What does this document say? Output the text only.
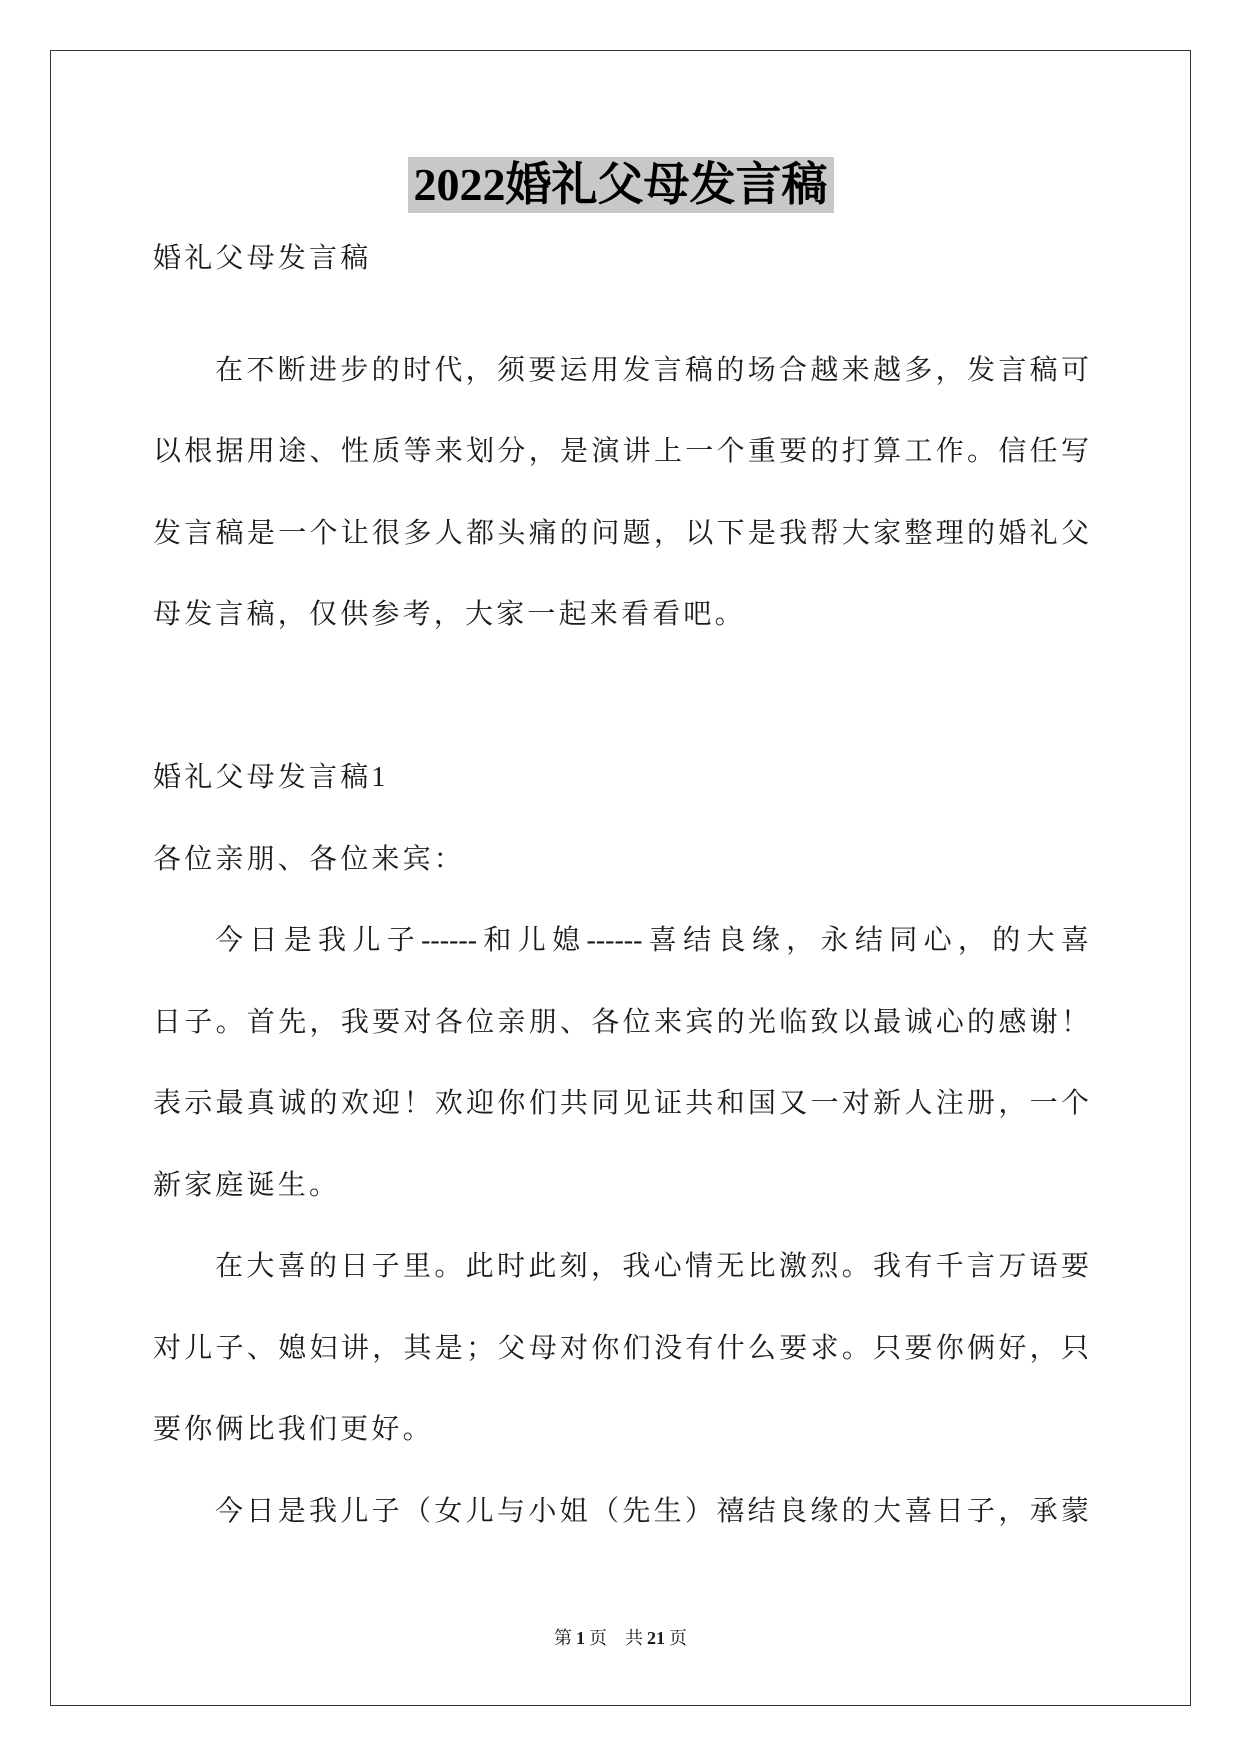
2022婚礼父母发言稿
婚礼父母发言稿
在不断进步的时代，须要运用发言稿的场合越来越多，发言稿可
以根据用途、性质等来划分，是演讲上一个重要的打算工作。信任写
发言稿是一个让很多人都头痛的问题，以下是我帮大家整理的婚礼父
母发言稿，仅供参考，大家一起来看看吧。
婚礼父母发言稿1
各位亲朋、各位来宾：
今日是我儿子------和儿媳------喜结良缘，永结同心，的大喜
日子。首先，我要对各位亲朋、各位来宾的光临致以最诚心的感谢！
表示最真诚的欢迎！欢迎你们共同见证共和国又一对新人注册，一个
新家庭诞生。
在大喜的日子里。此时此刻，我心情无比激烈。我有千言万语要
对儿子、媳妇讲，其是；父母对你们没有什么要求。只要你俩好，只
要你俩比我们更好。
今日是我儿子（女儿与小姐（先生）禧结良缘的大喜日子，承蒙
第 1 页 共 21 页
